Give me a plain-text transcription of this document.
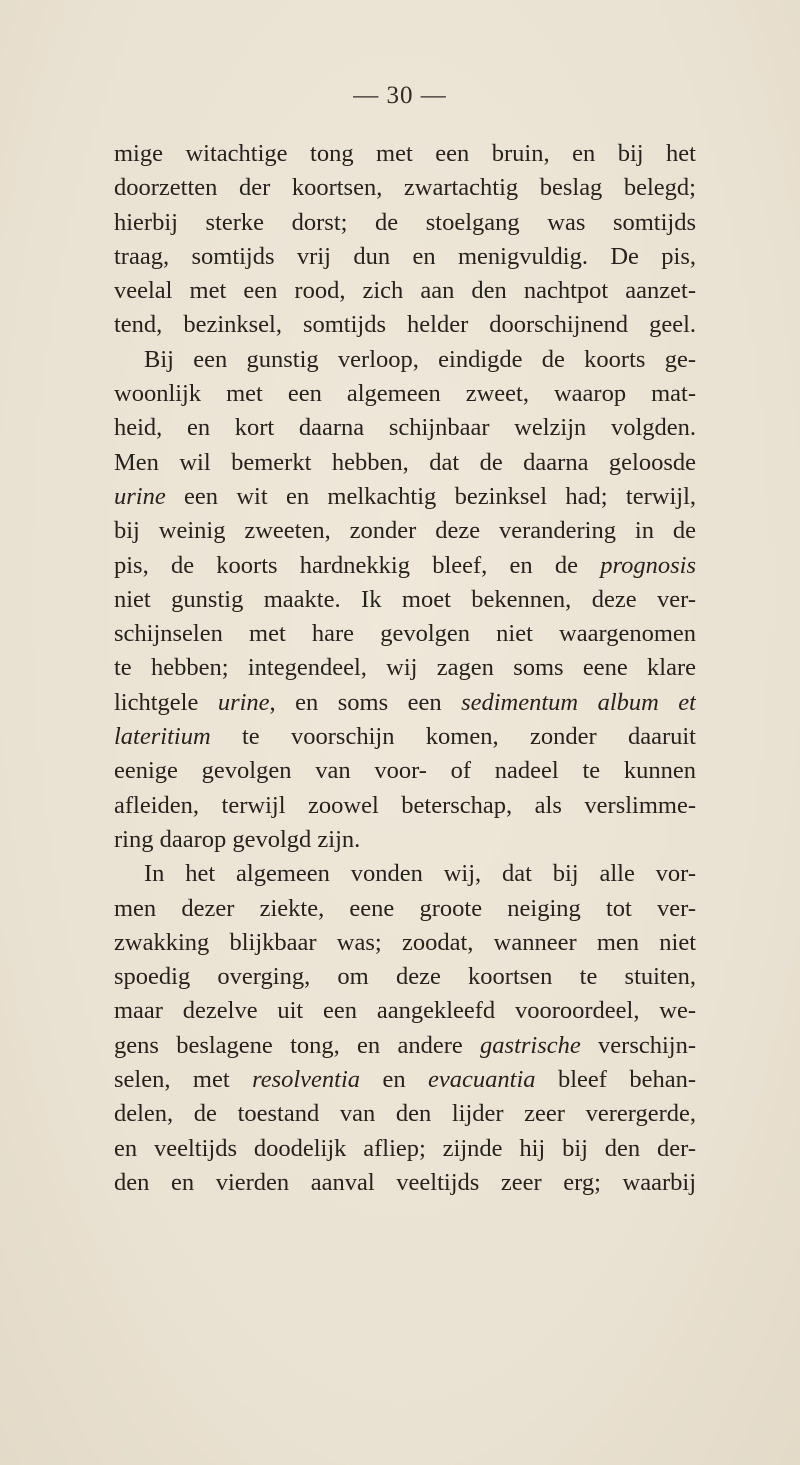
— 30 —
mige witachtige tong met een bruin, en bij het
doorzetten der koortsen, zwartachtig beslag belegd;
hierbij sterke dorst; de stoelgang was somtijds
traag, somtijds vrij dun en menigvuldig. De pis,
veelal met een rood, zich aan den nachtpot aanzet-
tend, bezinksel, somtijds helder doorschijnend geel.
Bij een gunstig verloop, eindigde de koorts ge-
woonlijk met een algemeen zweet, waarop mat-
heid, en kort daarna schijnbaar welzijn volgden.
Men wil bemerkt hebben, dat de daarna geloosde
urine een wit en melkachtig bezinksel had; terwijl,
bij weinig zweeten, zonder deze verandering in de
pis, de koorts hardnekkig bleef, en de prognosis
niet gunstig maakte. Ik moet bekennen, deze ver-
schijnselen met hare gevolgen niet waargenomen
te hebben; integendeel, wij zagen soms eene klare
lichtgele urine, en soms een sedimentum album et
lateritium te voorschijn komen, zonder daaruit
eenige gevolgen van voor- of nadeel te kunnen
afleiden, terwijl zoowel beterschap, als verslimme-
ring daarop gevolgd zijn.
In het algemeen vonden wij, dat bij alle vor-
men dezer ziekte, eene groote neiging tot ver-
zwakking blijkbaar was; zoodat, wanneer men niet
spoedig overging, om deze koortsen te stuiten,
maar dezelve uit een aangekleefd vooroordeel, we-
gens beslagene tong, en andere gastrische verschijn-
selen, met resolventia en evacuantia bleef behan-
delen, de toestand van den lijder zeer verergerde,
en veeltijds doodelijk afliep; zijnde hij bij den der-
den en vierden aanval veeltijds zeer erg; waarbij
